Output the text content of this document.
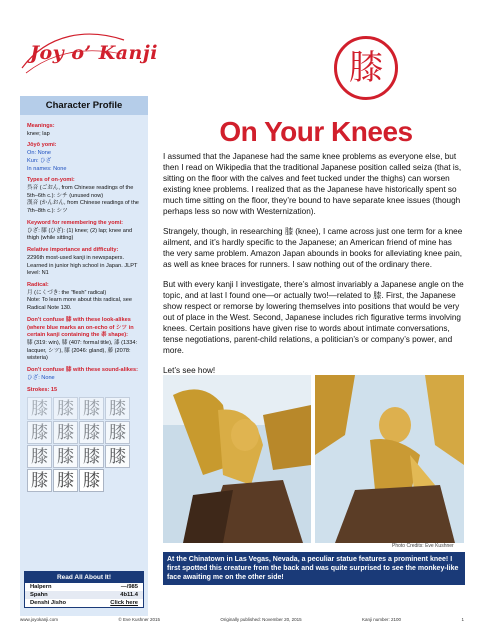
Joy o’ Kanji	膝
Character Profile
Meanings:
knee; lap
Jōyō yomi:
On: None
Kun: ひざ
In names: None
Types of on-yomi:
呉音 (ごおん, from Chinese readings of the 5th–6th c.): シチ (unused now)
漢音 (かんおん, from Chinese readings of the 7th–8th c.): シツ
Keyword for remembering the yomi:
ひざ: 膝 (ひざ): (1) knee; (2) lap; knee and thigh (while sitting)
Relative importance and difficulty:
2296th most-used kanji in newspapers. Learned in junior high school in Japan. JLPT level: N1
Radical:
月 (にくづき: the “flesh” radical)
Note: To learn more about this radical, see Radical Note 130.
Don’t confuse 膝 with these look-alikes (where blue marks an on-echo of シツ in certain kanji containing the 桼 shape):
膝 (319: win), 膝 (407: formal title), 漆 (1334: lacquer, シツ), 膝 (2046: gland), 藤 (2078: wisteria)
Don’t confuse 膝 with these sound-alikes:
ひざ: None
Strokes: 15
膝 膝 膝 膝
膝 膝 膝 膝
膝 膝 膝 膝
膝 膝 膝
Read All About It!
Halpern	—/985
Spahn	4b11.4
Denshi Jisho	Click here
On Your Knees

I assumed that the Japanese had the same knee problems as everyone else, but then I read on Wikipedia that the traditional Japanese position called seiza (that is, sitting on the floor with the calves and feet tucked under the thighs) can worsen existing knee problems. I realized that as the Japanese have historically spent so much time sitting on the floor, they’re bound to have separate knee issues (though perhaps less so now with Westernization).

Strangely, though, in researching 膝 (knee), I came across just one term for a knee ailment, and it’s hardly specific to the Japanese; an American friend of mine has the very same problem. Amazon Japan abounds in books for alleviating knee pain, as well as knee braces for runners. I saw nothing out of the ordinary there.

But with every kanji I investigate, there’s almost invariably a Japanese angle on the topic, and at last I found one—or actually two!—related to 膝. First, the Japanese show respect or remorse by lowering themselves into positions that would be very out of place in the West. Second, Japanese includes rich figurative terms involving knees. Certain positions have given rise to words about intimate conversations, tense negotiations, parent-child relations, a politician’s or company’s power, and more.

Let’s see how!

Photo Credits: Eve Kushner
At the Chinatown in Las Vegas, Nevada, a peculiar statue features a prominent knee! I first spotted this creature from the back and was quite surprised to see the monkey-like face awaiting me on the other side!
www.joyokanji.com	© Eve Kushner 2015	Originally published: November 20, 2015	Kanji number: 2100	1
